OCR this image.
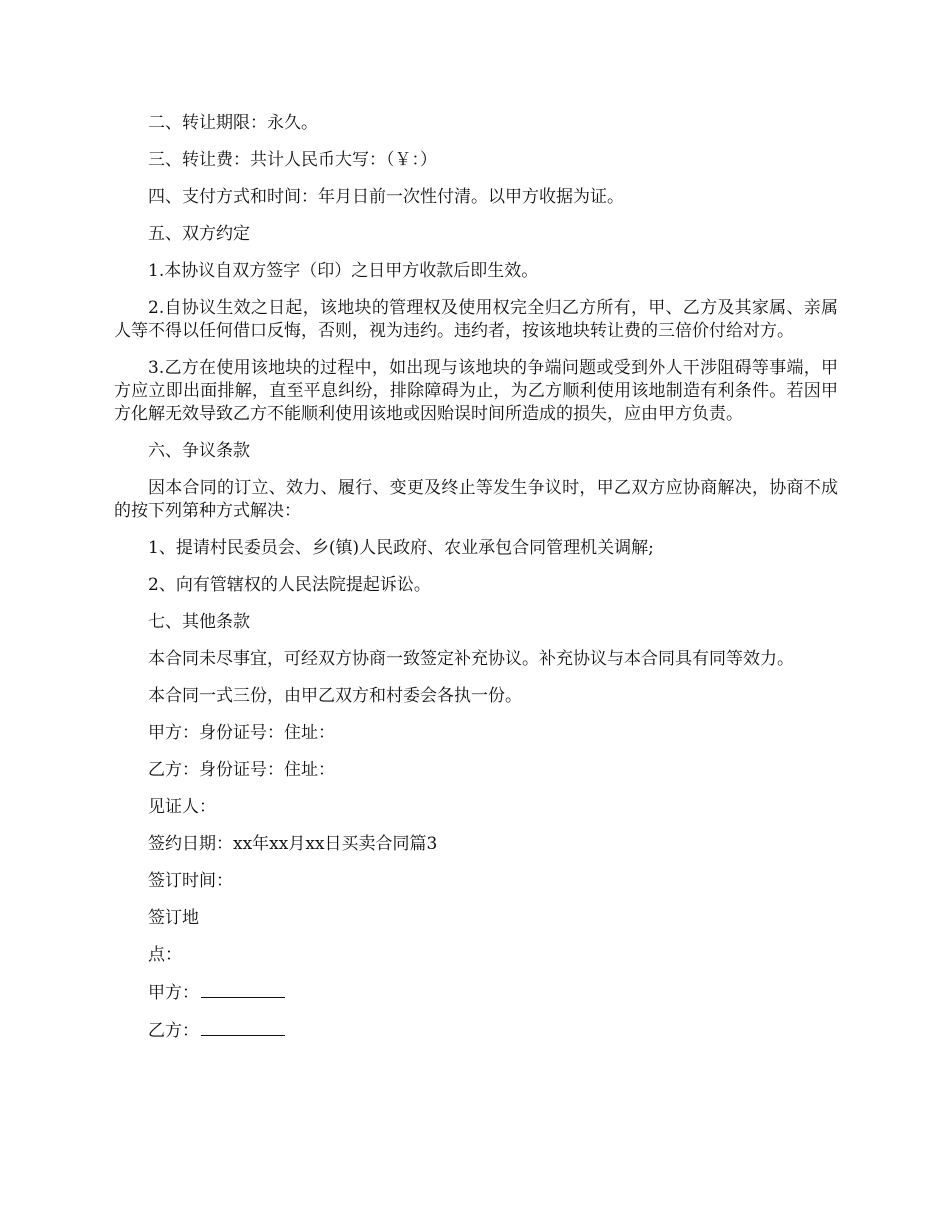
二、转让期限：永久。

三、转让费：共计人民币大写：（￥：）

四、支付方式和时间：年月日前一次性付清。以甲方收据为证。

五、双方约定

1.本协议自双方签字（印）之日甲方收款后即生效。

2.自协议生效之日起，该地块的管理权及使用权完全归乙方所有，甲、乙方及其家属、亲属人等不得以任何借口反悔，否则，视为违约。违约者，按该地块转让费的三倍价付给对方。

3.乙方在使用该地块的过程中，如出现与该地块的争端问题或受到外人干涉阻碍等事端，甲方应立即出面排解，直至平息纠纷，排除障碍为止，为乙方顺利使用该地制造有利条件。若因甲方化解无效导致乙方不能顺利使用该地或因贻误时间所造成的损失，应由甲方负责。

六、争议条款

因本合同的订立、效力、履行、变更及终止等发生争议时，甲乙双方应协商解决，协商不成的按下列第种方式解决：

1、提请村民委员会、乡(镇)人民政府、农业承包合同管理机关调解;

2、向有管辖权的人民法院提起诉讼。

七、其他条款

本合同未尽事宜，可经双方协商一致签定补充协议。补充协议与本合同具有同等效力。

本合同一式三份，由甲乙双方和村委会各执一份。

甲方：身份证号：住址：

乙方：身份证号：住址：

见证人：

签约日期：xx年xx月xx日买卖合同篇3

签订时间：

签订地

点：

甲方：

乙方：
